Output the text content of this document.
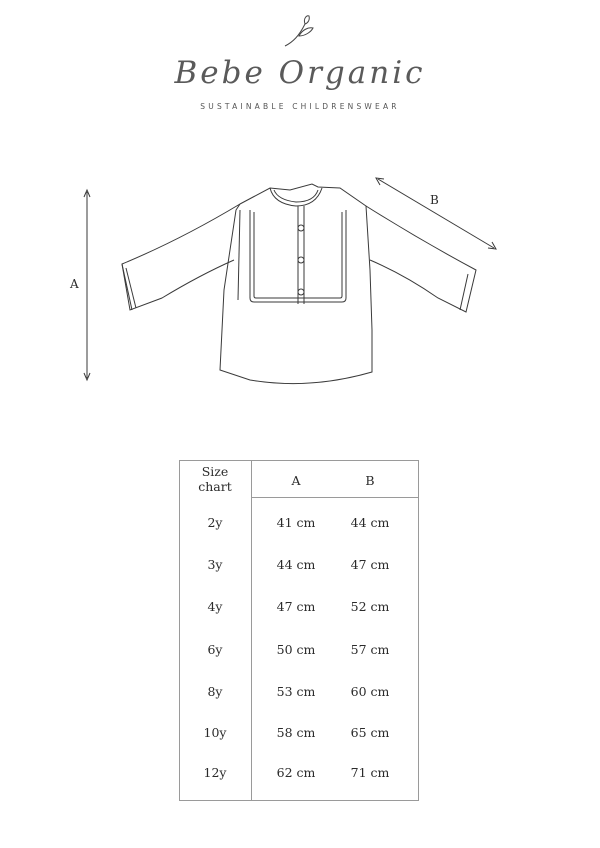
Bebe Organic
SUSTAINABLE CHILDRENSWEAR
A
B
Size
chart	A	B
2y	41 cm	44 cm
3y	44 cm	47 cm
4y	47 cm	52 cm
6y	50 cm	57 cm
8y	53 cm	60 cm
10y	58 cm	65 cm
12y	62 cm	71 cm
